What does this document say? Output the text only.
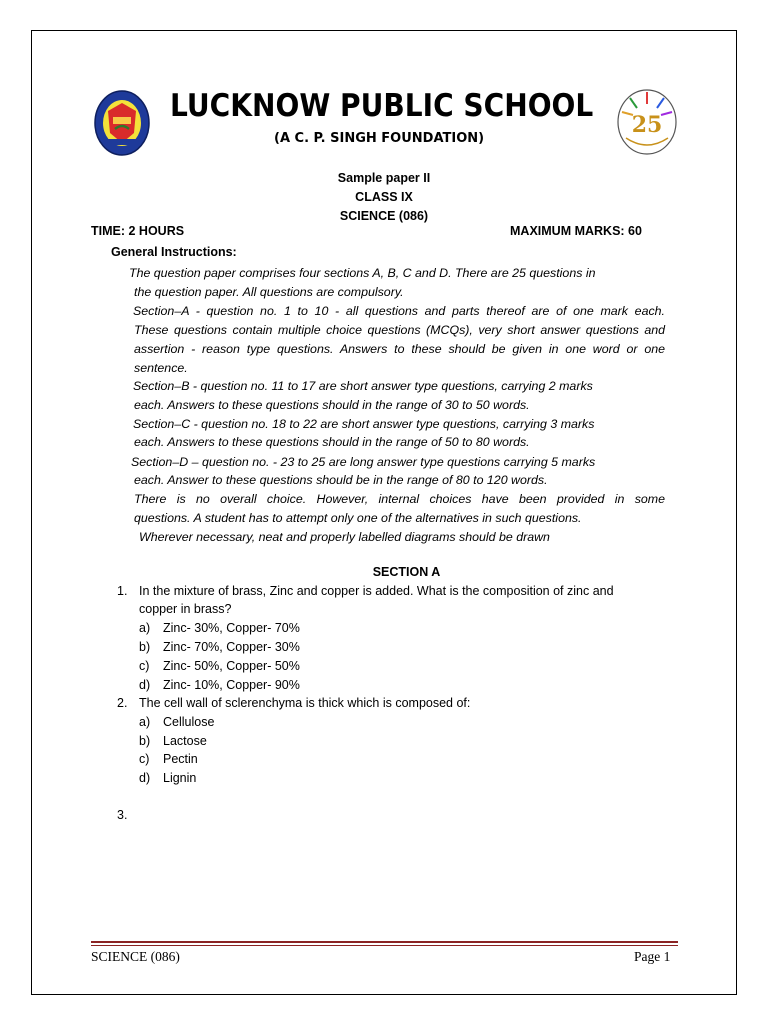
LUCKNOW PUBLIC SCHOOL
(A C. P. SINGH FOUNDATION)
25
Sample paper II
CLASS IX
SCIENCE (086)
TIME: 2 HOURS	MAXIMUM MARKS: 60
General Instructions:
The question paper comprises four sections A, B, C and D. There are 25 questions in
the question paper. All questions are compulsory.
Section–A - question no. 1 to 10 - all questions and parts thereof are of one mark each.
These questions contain multiple choice questions (MCQs), very short answer questions and
assertion - reason type questions. Answers to these should be given in one word or one
sentence.
Section–B - question no. 11 to 17 are short answer type questions, carrying 2 marks
each. Answers to these questions should in the range of 30 to 50 words.
Section–C - question no. 18 to 22 are short answer type questions, carrying 3 marks
each. Answers to these questions should in the range of 50 to 80 words.
Section–D – question no. - 23 to 25 are long answer type questions carrying 5 marks
each. Answer to these questions should be in the range of 80 to 120 words.
There is no overall choice. However, internal choices have been provided in some
questions. A student has to attempt only one of the alternatives in such questions.
Wherever necessary, neat and properly labelled diagrams should be drawn
SECTION A
1. In the mixture of brass, Zinc and copper is added. What is the composition of zinc and
copper in brass?
a) Zinc- 30%, Copper- 70%
b) Zinc- 70%, Copper- 30%
c) Zinc- 50%, Copper- 50%
d) Zinc- 10%, Copper- 90%
2. The cell wall of sclerenchyma is thick which is composed of:
a) Cellulose
b) Lactose
c) Pectin
d) Lignin
3.
SCIENCE (086)	Page 1
